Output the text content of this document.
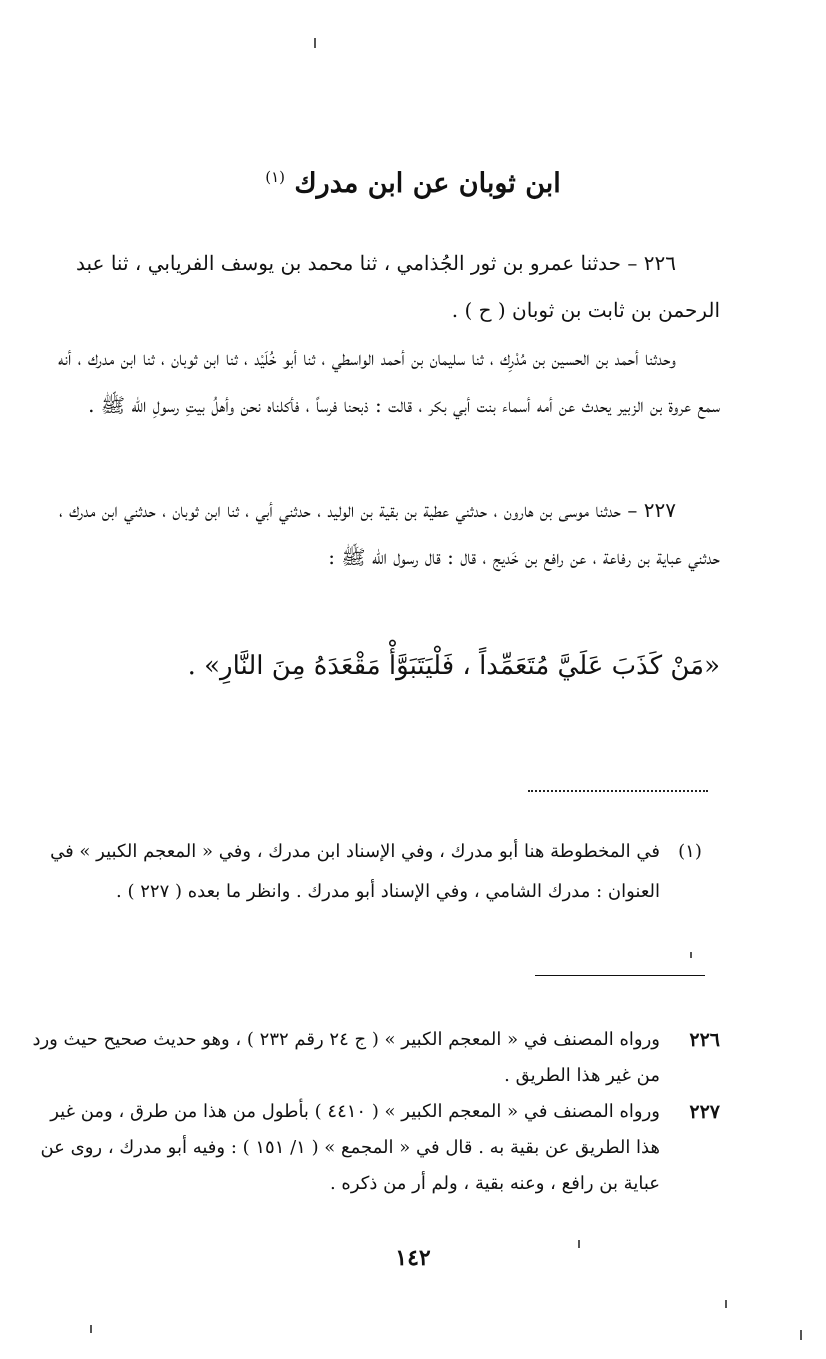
ابن ثوبان عن ابن مدرك $^{(١)}$

٢٢٦ – حدثنا عمرو بن ثور الجُذامي ، ثنا محمد بن يوسف الفريابي ، ثنا عبد الرحمن بن ثابت بن ثوبان ( ح ) .

وحدثنا أحمد بن الحسين بن مُدْرِك ، ثنا سليمان بن أحمد الواسطي ، ثنا أبو خُلَيْد ، ثنا ابن ثوبان ، ثنا ابن مدرك ، أنه سمع عروة بن الزبير يحدث عن أمه أسماء بنت أبي بكر ، قالت : ذبحنا فرساً ، فأكلناه نحن وأهلُ بيتِ رسولِ الله ﷺ .

٢٢٧ – حدثنا موسى بن هارون ، حدثني عطية بن بقية بن الوليد ، حدثني أبي ، ثنا ابن ثوبان ، حدثني ابن مدرك ، حدثني عباية بن رفاعة ، عن رافع بن خَديج ، قال : قال رسول الله ﷺ :

«مَنْ كَذَبَ عَلَيَّ مُتَعَمِّداً ، فَلْيَتَبَوَّأْ مَقْعَدَهُ مِنَ النَّارِ» .
(١)
في المخطوطة هنا أبو مدرك ، وفي الإسناد ابن مدرك ، وفي « المعجم الكبير » في العنوان : مدرك الشامي ، وفي الإسناد أبو مدرك . وانظر ما بعده ( ٢٢٧ ) .
٢٢٦
ورواه المصنف في « المعجم الكبير » ( ج ٢٤ رقم ٢٣٢ ) ، وهو حديث صحيح حيث ورد من غير هذا الطريق .
٢٢٧
ورواه المصنف في « المعجم الكبير » ( ٤٤١٠ ) بأطول من هذا من طرق ، ومن غير هذا الطريق عن بقية به . قال في « المجمع » ( ١/ ١٥١ ) : وفيه أبو مدرك ، روى عن عباية بن رافع ، وعنه بقية ، ولم أر من ذكره .
١٤٢
